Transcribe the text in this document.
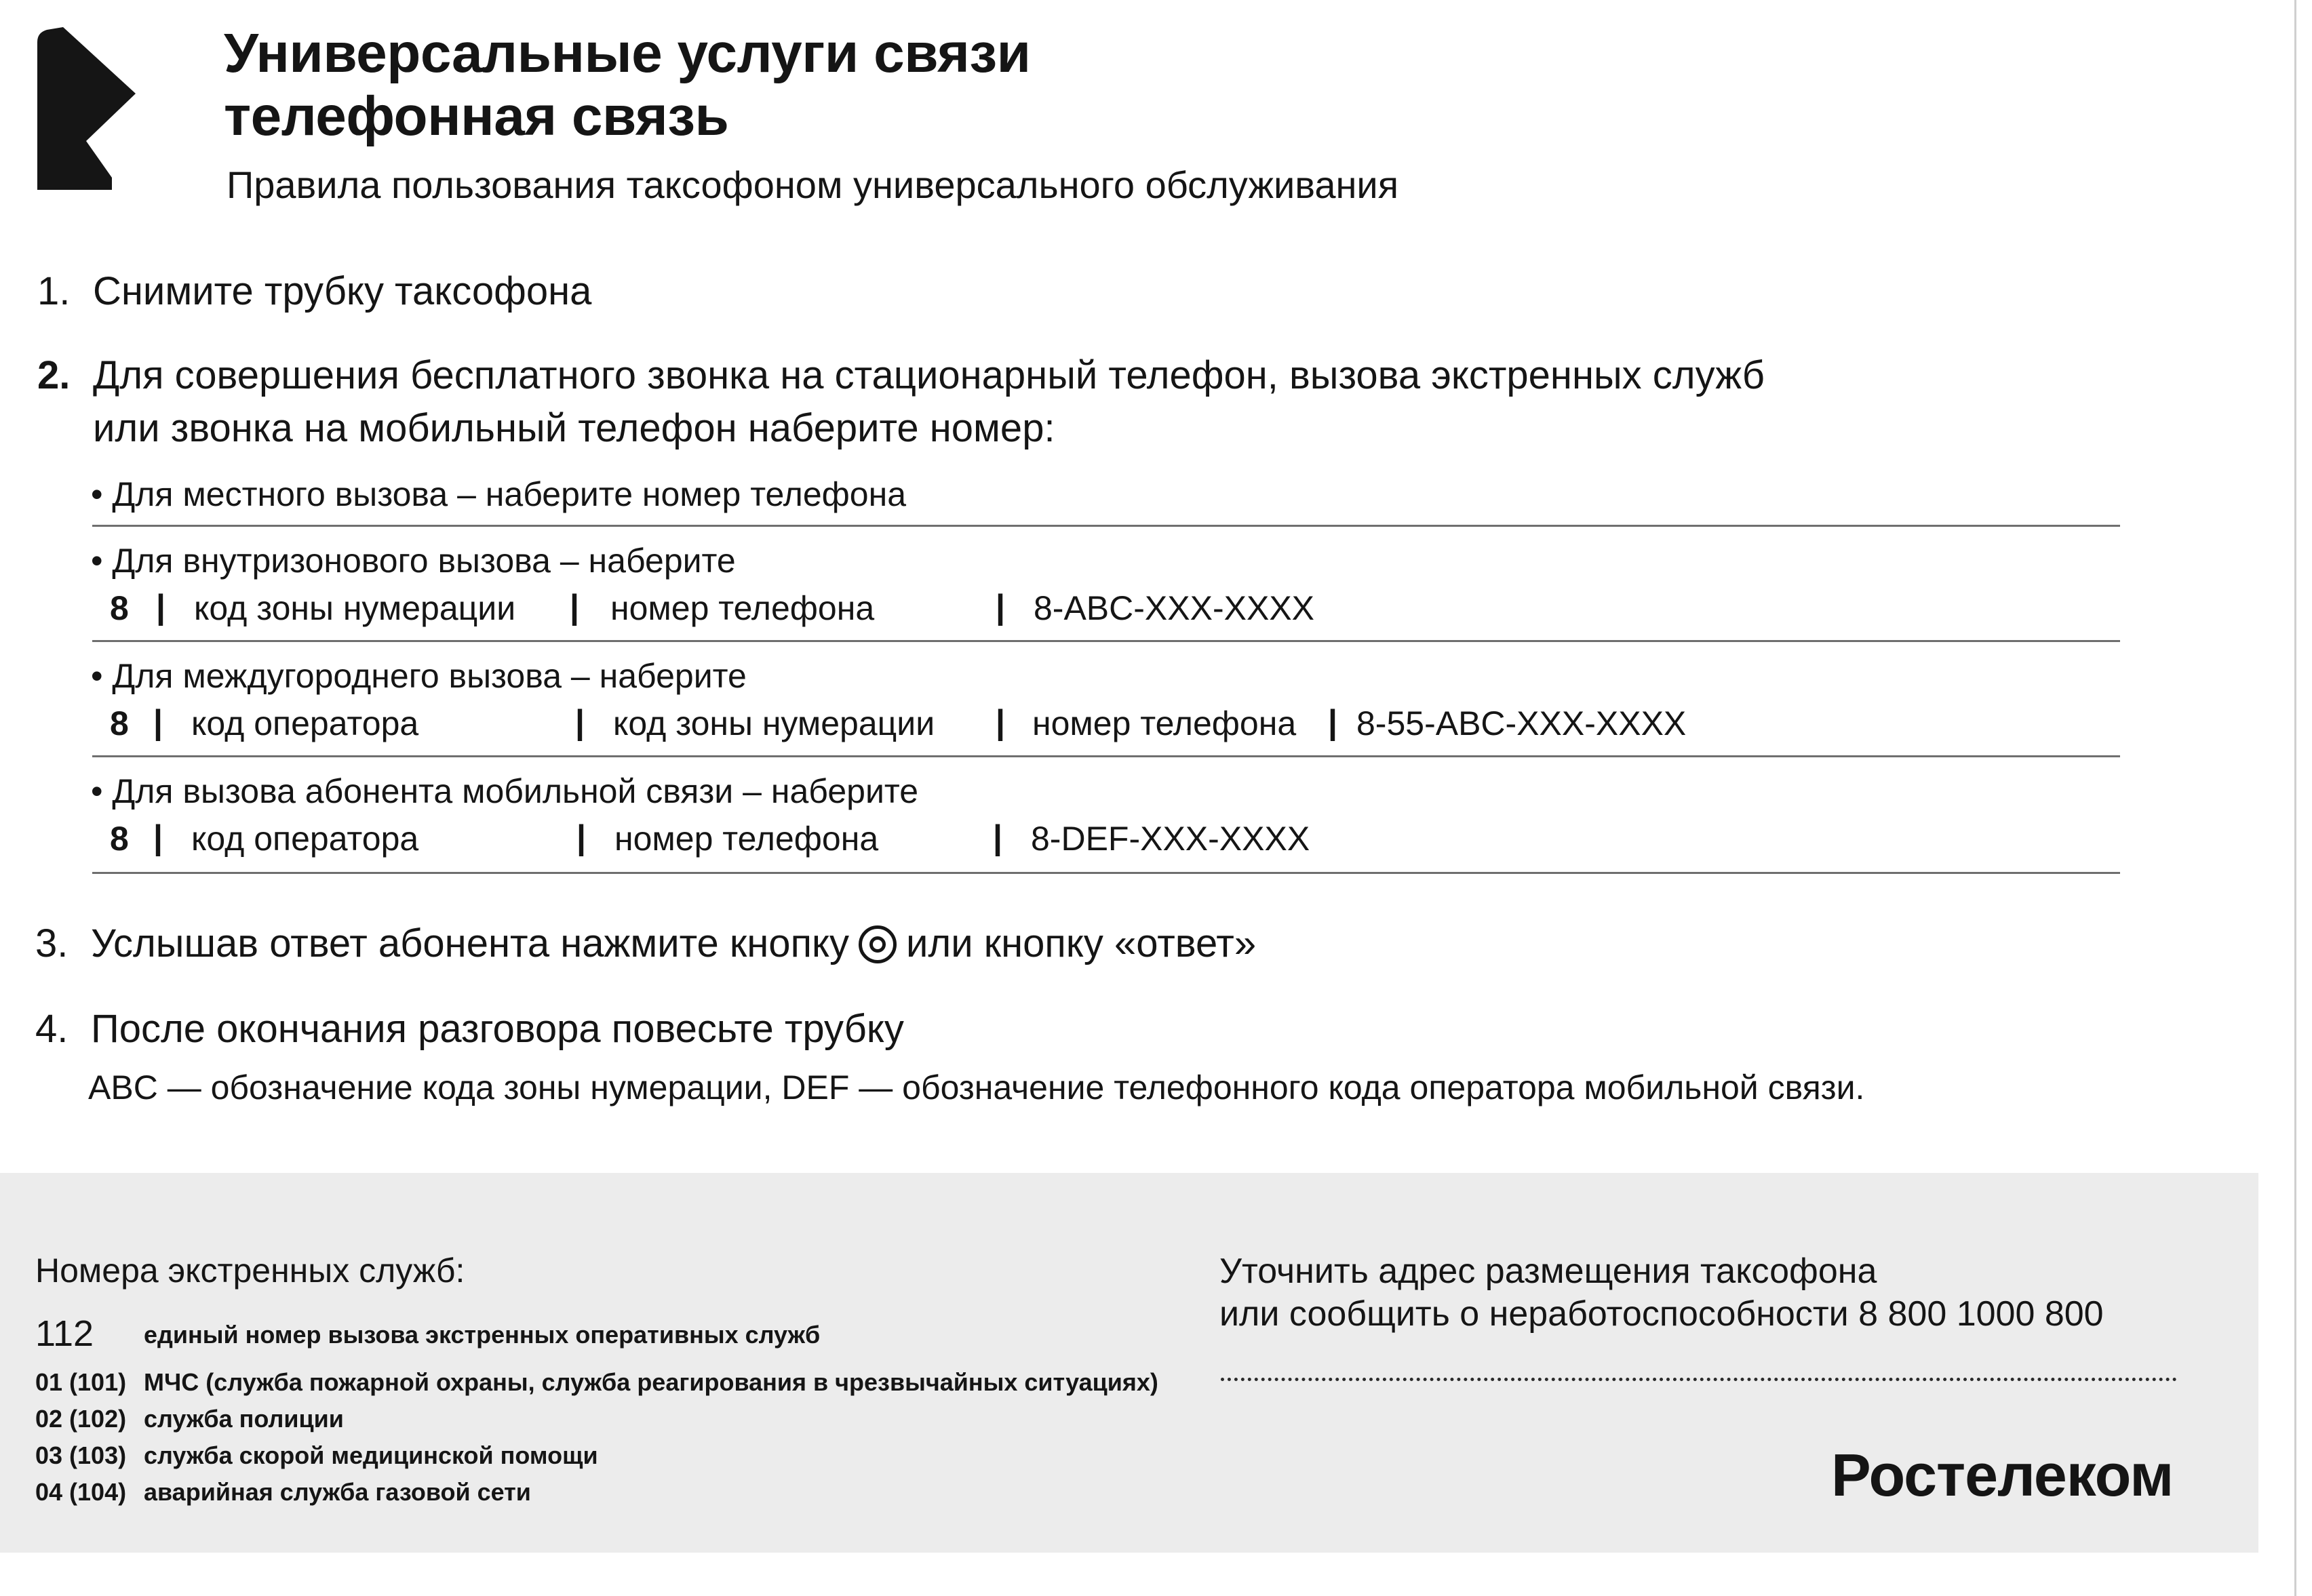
Универсальные услуги связи
телефонная связь
Правила пользования таксофоном универсального обслуживания
1. Снимите трубку таксофона
2. Для совершения бесплатного звонка на стационарный телефон, вызова экстренных служб
или звонка на мобильный телефон наберите номер:
• Для местного вызова – наберите номер телефона
• Для внутризонового вызова – наберите
8 | код зоны нумерации | номер телефона	| 8-ABC-XXX-XXXX
• Для междугороднего вызова – наберите
8 | код оператора	| код зоны нумерации | номер телефона | 8-55-ABC-XXX-XXXX
• Для вызова абонента мобильной связи – наберите
8 | код оператора	| номер телефона	| 8-DEF-XXX-XXXX
3. Услышав ответ абонента нажмите кнопку или кнопку «ответ»
4. После окончания разговора повесьте трубку
ABC — обозначение кода зоны нумерации, DEF — обозначение телефонного кода оператора мобильной связи.
Номера экстренных служб:
112 единый номер вызова экстренных оперативных служб
01 (101) МЧС (служба пожарной охраны, служба реагирования в чрезвычайных ситуациях)
02 (102) служба полиции
03 (103) служба скорой медицинской помощи
04 (104) аварийная служба газовой сети
Уточнить адрес размещения таксофона
или сообщить о неработоспособности 8 800 1000 800
Ростелеком
